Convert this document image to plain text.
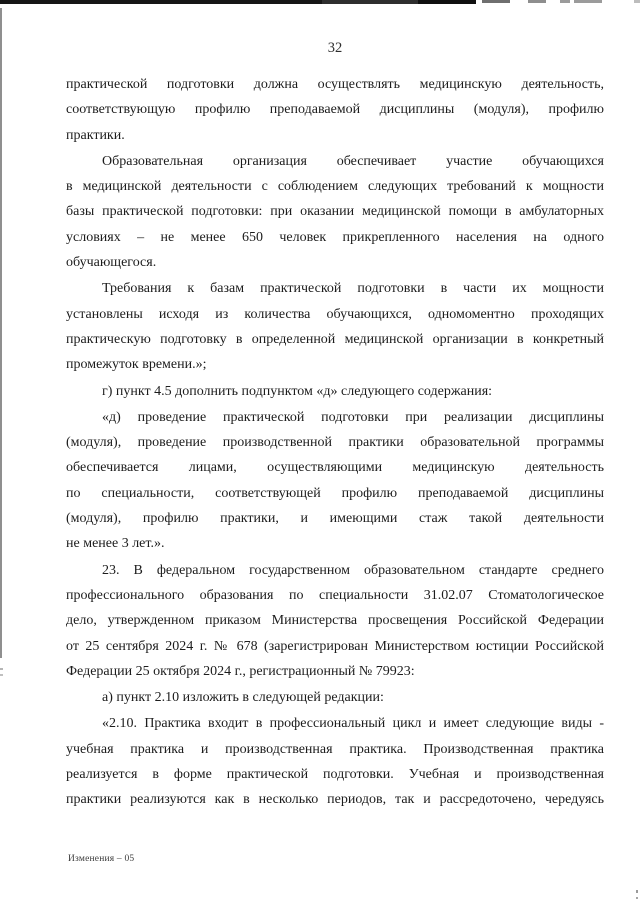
32
практической подготовки должна осуществлять медицинскую деятельность,
соответствующую профилю преподаваемой дисциплины (модуля), профилю
практики.
Образовательная организация обеспечивает участие обучающихся
в медицинской деятельности с соблюдением следующих требований к мощности
базы практической подготовки: при оказании медицинской помощи в амбулаторных
условиях – не менее 650 человек прикрепленного населения на одного
обучающегося.
Требования к базам практической подготовки в части их мощности
установлены исходя из количества обучающихся, одномоментно проходящих
практическую подготовку в определенной медицинской организации в конкретный
промежуток времени.»;
г) пункт 4.5 дополнить подпунктом «д» следующего содержания:
«д) проведение практической подготовки при реализации дисциплины
(модуля), проведение производственной практики образовательной программы
обеспечивается лицами, осуществляющими медицинскую деятельность
по специальности, соответствующей профилю преподаваемой дисциплины
(модуля), профилю практики, и имеющими стаж такой деятельности
не менее 3 лет.».
23. В федеральном государственном образовательном стандарте среднего
профессионального образования по специальности 31.02.07 Стоматологическое
дело, утвержденном приказом Министерства просвещения Российской Федерации
от 25 сентября 2024 г. № 678 (зарегистрирован Министерством юстиции Российской
Федерации 25 октября 2024 г., регистрационный № 79923:
а) пункт 2.10 изложить в следующей редакции:
«2.10. Практика входит в профессиональный цикл и имеет следующие виды -
учебная практика и производственная практика. Производственная практика
реализуется в форме практической подготовки. Учебная и производственная
практики реализуются как в несколько периодов, так и рассредоточено, чередуясь
Изменения – 05
